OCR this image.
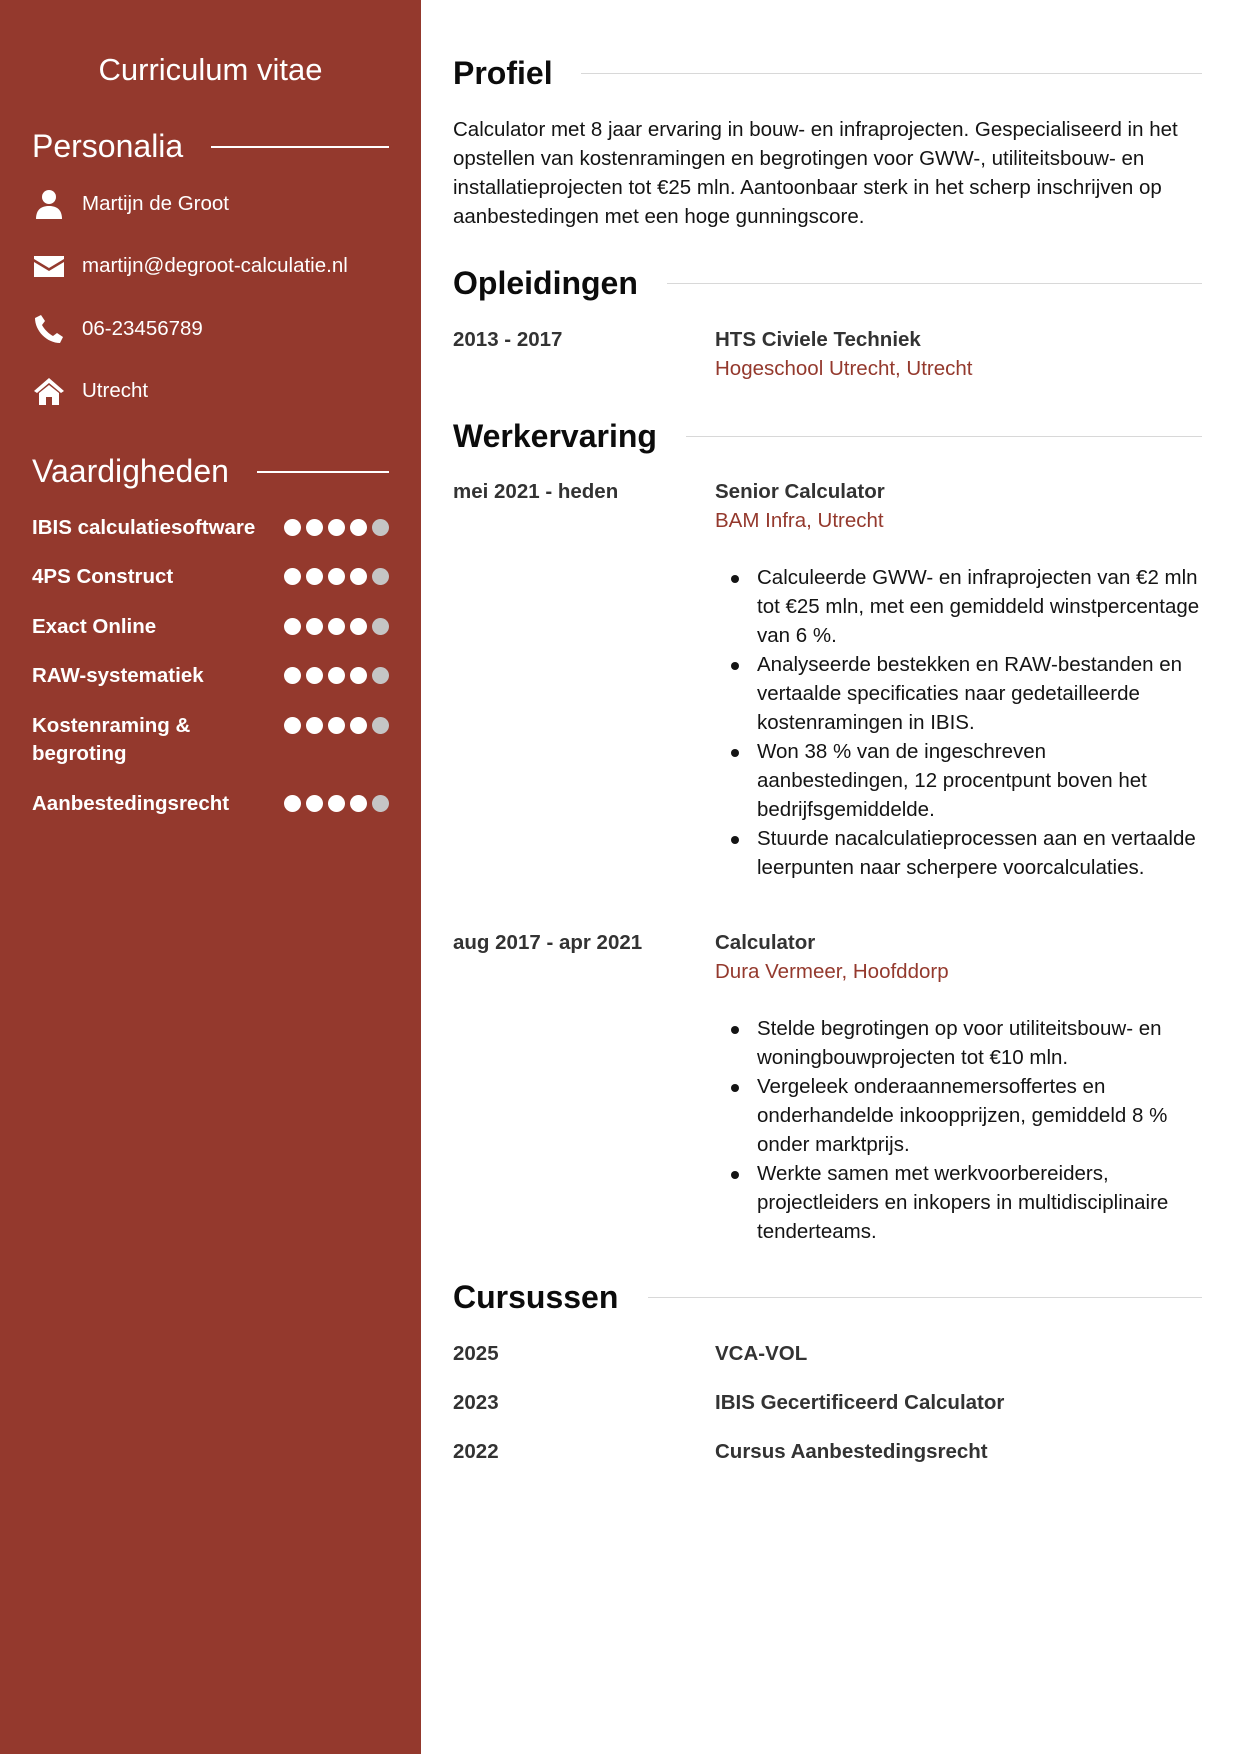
Curriculum vitae
Personalia
Martijn de Groot
martijn@degroot-calculatie.nl
06-23456789
Utrecht
Vaardigheden
IBIS calculatiesoftware
4PS Construct
Exact Online
RAW-systematiek
Kostenraming & begroting
Aanbestedingsrecht
Profiel
Calculator met 8 jaar ervaring in bouw- en infraprojecten. Gespecialiseerd in het opstellen van kostenramingen en begrotingen voor GWW-, utiliteitsbouw- en installatieprojecten tot €25 mln. Aantoonbaar sterk in het scherp inschrijven op aanbestedingen met een hoge gunningscore.
Opleidingen
2013 - 2017	HTS Civiele Techniek
Hogeschool Utrecht, Utrecht
Werkervaring
mei 2021 - heden	Senior Calculator
BAM Infra, Utrecht
Calculeerde GWW- en infraprojecten van €2 mln tot €25 mln, met een gemiddeld winstpercentage van 6 %.
Analyseerde bestekken en RAW-bestanden en vertaalde specificaties naar gedetailleerde kostenramingen in IBIS.
Won 38 % van de ingeschreven aanbestedingen, 12 procentpunt boven het bedrijfsgemiddelde.
Stuurde nacalculatieprocessen aan en vertaalde leerpunten naar scherpere voorcalculaties.
aug 2017 - apr 2021	Calculator
Dura Vermeer, Hoofddorp
Stelde begrotingen op voor utiliteitsbouw- en woningbouwprojecten tot €10 mln.
Vergeleek onderaannemersoffertes en onderhandelde inkoopprijzen, gemiddeld 8 % onder marktprijs.
Werkte samen met werkvoorbereiders, projectleiders en inkopers in multidisciplinaire tenderteams.
Cursussen
2025	VCA-VOL
2023	IBIS Gecertificeerd Calculator
2022	Cursus Aanbestedingsrecht
